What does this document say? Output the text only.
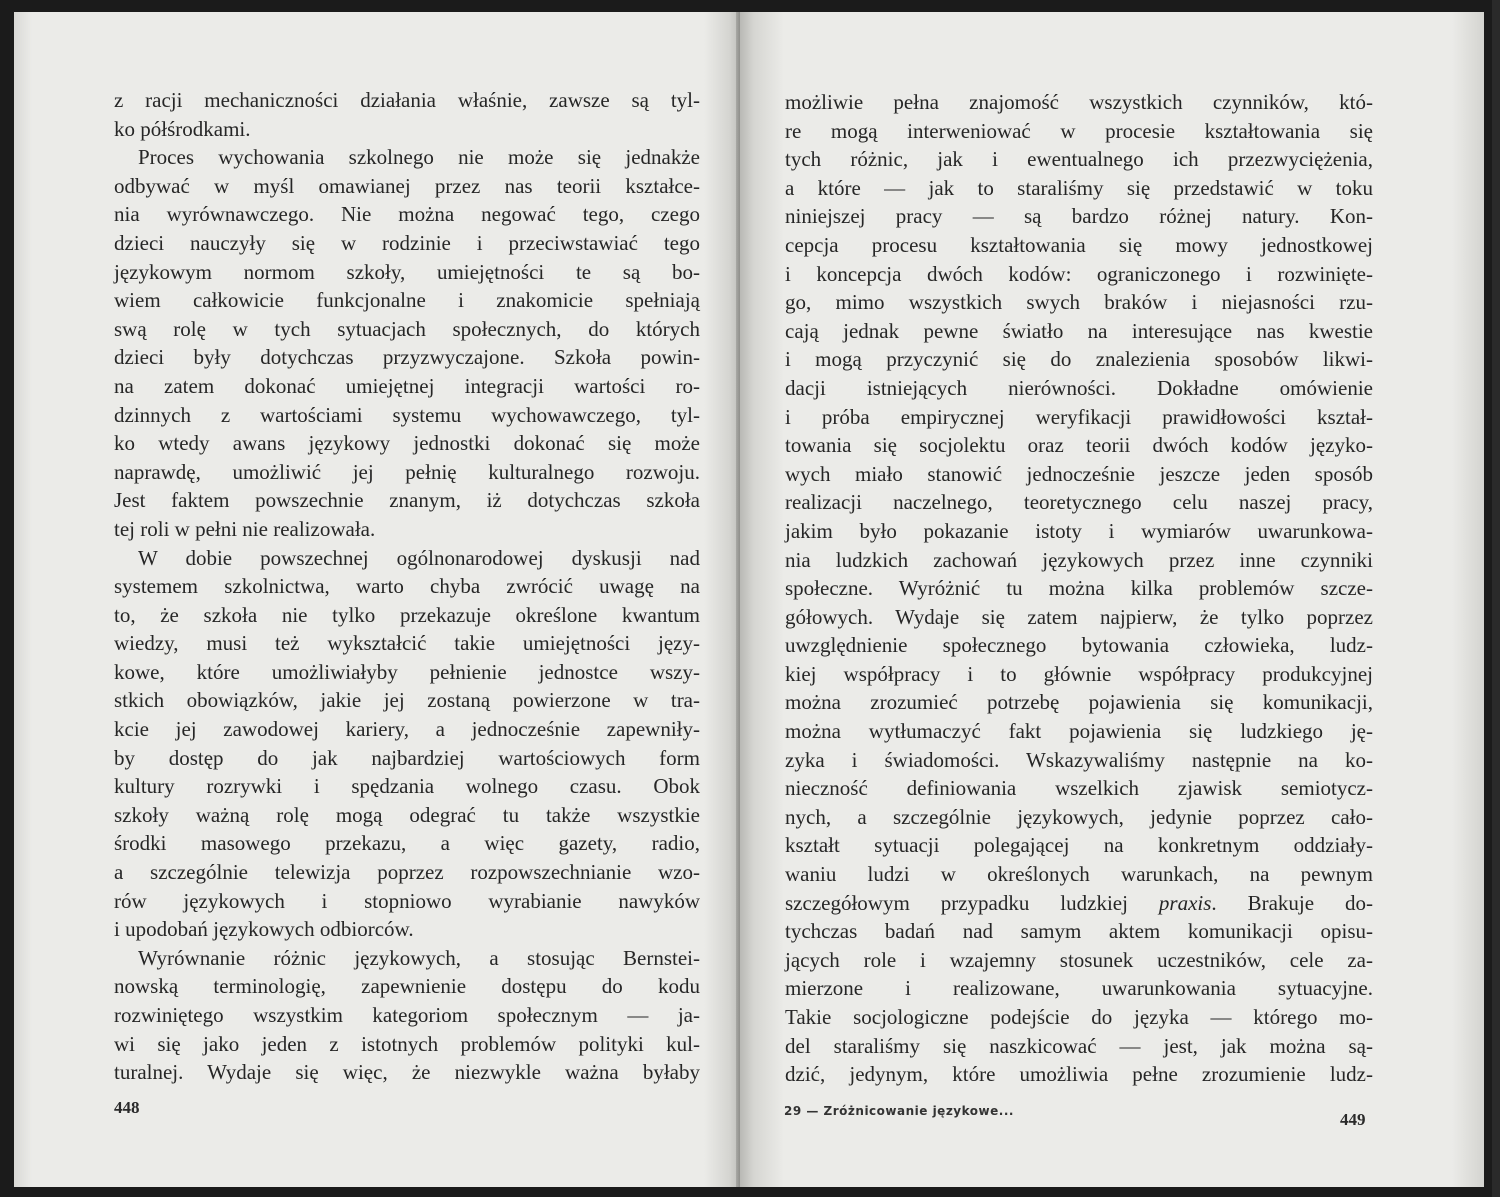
z racji mechaniczności działania właśnie, zawsze są tyl-
ko półśrodkami.
Proces wychowania szkolnego nie może się jednakże
odbywać w myśl omawianej przez nas teorii kształce-
nia wyrównawczego. Nie można negować tego, czego
dzieci nauczyły się w rodzinie i przeciwstawiać tego
językowym normom szkoły, umiejętności te są bo-
wiem całkowicie funkcjonalne i znakomicie spełniają
swą rolę w tych sytuacjach społecznych, do których
dzieci były dotychczas przyzwyczajone. Szkoła powin-
na zatem dokonać umiejętnej integracji wartości ro-
dzinnych z wartościami systemu wychowawczego, tyl-
ko wtedy awans językowy jednostki dokonać się może
naprawdę, umożliwić jej pełnię kulturalnego rozwoju.
Jest faktem powszechnie znanym, iż dotychczas szkoła
tej roli w pełni nie realizowała.
W dobie powszechnej ogólnonarodowej dyskusji nad
systemem szkolnictwa, warto chyba zwrócić uwagę na
to, że szkoła nie tylko przekazuje określone kwantum
wiedzy, musi też wykształcić takie umiejętności języ-
kowe, które umożliwiałyby pełnienie jednostce wszy-
stkich obowiązków, jakie jej zostaną powierzone w tra-
kcie jej zawodowej kariery, a jednocześnie zapewniły-
by dostęp do jak najbardziej wartościowych form
kultury rozrywki i spędzania wolnego czasu. Obok
szkoły ważną rolę mogą odegrać tu także wszystkie
środki masowego przekazu, a więc gazety, radio,
a szczególnie telewizja poprzez rozpowszechnianie wzo-
rów językowych i stopniowo wyrabianie nawyków
i upodobań językowych odbiorców.
Wyrównanie różnic językowych, a stosując Bernstei-
nowską terminologię, zapewnienie dostępu do kodu
rozwiniętego wszystkim kategoriom społecznym — ja-
wi się jako jeden z istotnych problemów polityki kul-
turalnej. Wydaje się więc, że niezwykle ważna byłaby
448
możliwie pełna znajomość wszystkich czynników, któ-
re mogą interweniować w procesie kształtowania się
tych różnic, jak i ewentualnego ich przezwyciężenia,
a które — jak to staraliśmy się przedstawić w toku
niniejszej pracy — są bardzo różnej natury. Kon-
cepcja procesu kształtowania się mowy jednostkowej
i koncepcja dwóch kodów: ograniczonego i rozwinięte-
go, mimo wszystkich swych braków i niejasności rzu-
cają jednak pewne światło na interesujące nas kwestie
i mogą przyczynić się do znalezienia sposobów likwi-
dacji istniejących nierówności. Dokładne omówienie
i próba empirycznej weryfikacji prawidłowości kształ-
towania się socjolektu oraz teorii dwóch kodów języko-
wych miało stanowić jednocześnie jeszcze jeden sposób
realizacji naczelnego, teoretycznego celu naszej pracy,
jakim było pokazanie istoty i wymiarów uwarunkowa-
nia ludzkich zachowań językowych przez inne czynniki
społeczne. Wyróżnić tu można kilka problemów szcze-
gółowych. Wydaje się zatem najpierw, że tylko poprzez
uwzględnienie społecznego bytowania człowieka, ludz-
kiej współpracy i to głównie współpracy produkcyjnej
można zrozumieć potrzebę pojawienia się komunikacji,
można wytłumaczyć fakt pojawienia się ludzkiego ję-
zyka i świadomości. Wskazywaliśmy następnie na ko-
nieczność definiowania wszelkich zjawisk semiotycz-
nych, a szczególnie językowych, jedynie poprzez cało-
kształt sytuacji polegającej na konkretnym oddziały-
waniu ludzi w określonych warunkach, na pewnym
szczegółowym przypadku ludzkiej praxis. Brakuje do-
tychczas badań nad samym aktem komunikacji opisu-
jących role i wzajemny stosunek uczestników, cele za-
mierzone i realizowane, uwarunkowania sytuacyjne.
Takie socjologiczne podejście do języka — którego mo-
del staraliśmy się naszkicować — jest, jak można są-
dzić, jedynym, które umożliwia pełne zrozumienie ludz-
29 — Zróżnicowanie językowe...	449
